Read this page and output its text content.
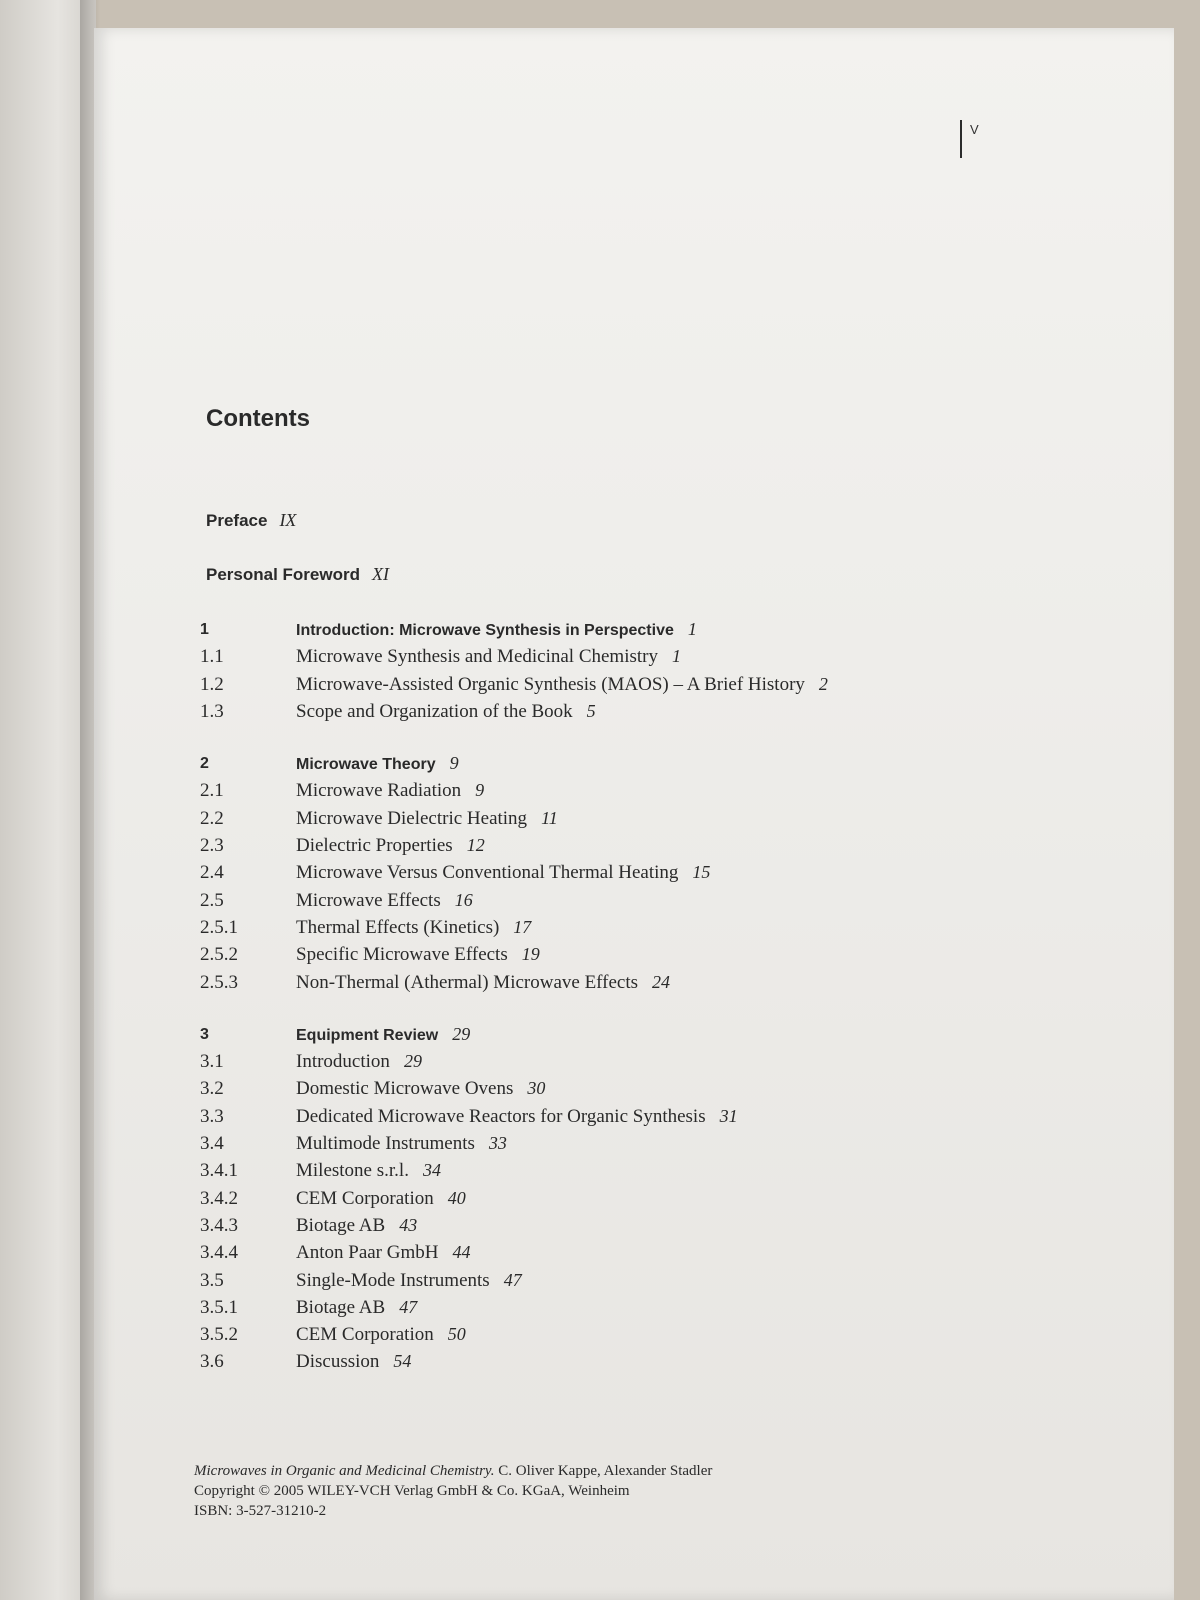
V
Contents
Preface IX
Personal Foreword XI
1	Introduction: Microwave Synthesis in Perspective 1
1.1	Microwave Synthesis and Medicinal Chemistry 1
1.2	Microwave-Assisted Organic Synthesis (MAOS) – A Brief History 2
1.3	Scope and Organization of the Book 5
2	Microwave Theory 9
2.1	Microwave Radiation 9
2.2	Microwave Dielectric Heating 11
2.3	Dielectric Properties 12
2.4	Microwave Versus Conventional Thermal Heating 15
2.5	Microwave Effects 16
2.5.1	Thermal Effects (Kinetics) 17
2.5.2	Specific Microwave Effects 19
2.5.3	Non-Thermal (Athermal) Microwave Effects 24
3	Equipment Review 29
3.1	Introduction 29
3.2	Domestic Microwave Ovens 30
3.3	Dedicated Microwave Reactors for Organic Synthesis 31
3.4	Multimode Instruments 33
3.4.1	Milestone s.r.l. 34
3.4.2	CEM Corporation 40
3.4.3	Biotage AB 43
3.4.4	Anton Paar GmbH 44
3.5	Single-Mode Instruments 47
3.5.1	Biotage AB 47
3.5.2	CEM Corporation 50
3.6	Discussion 54
Microwaves in Organic and Medicinal Chemistry. C. Oliver Kappe, Alexander Stadler
Copyright © 2005 WILEY-VCH Verlag GmbH & Co. KGaA, Weinheim
ISBN: 3-527-31210-2
